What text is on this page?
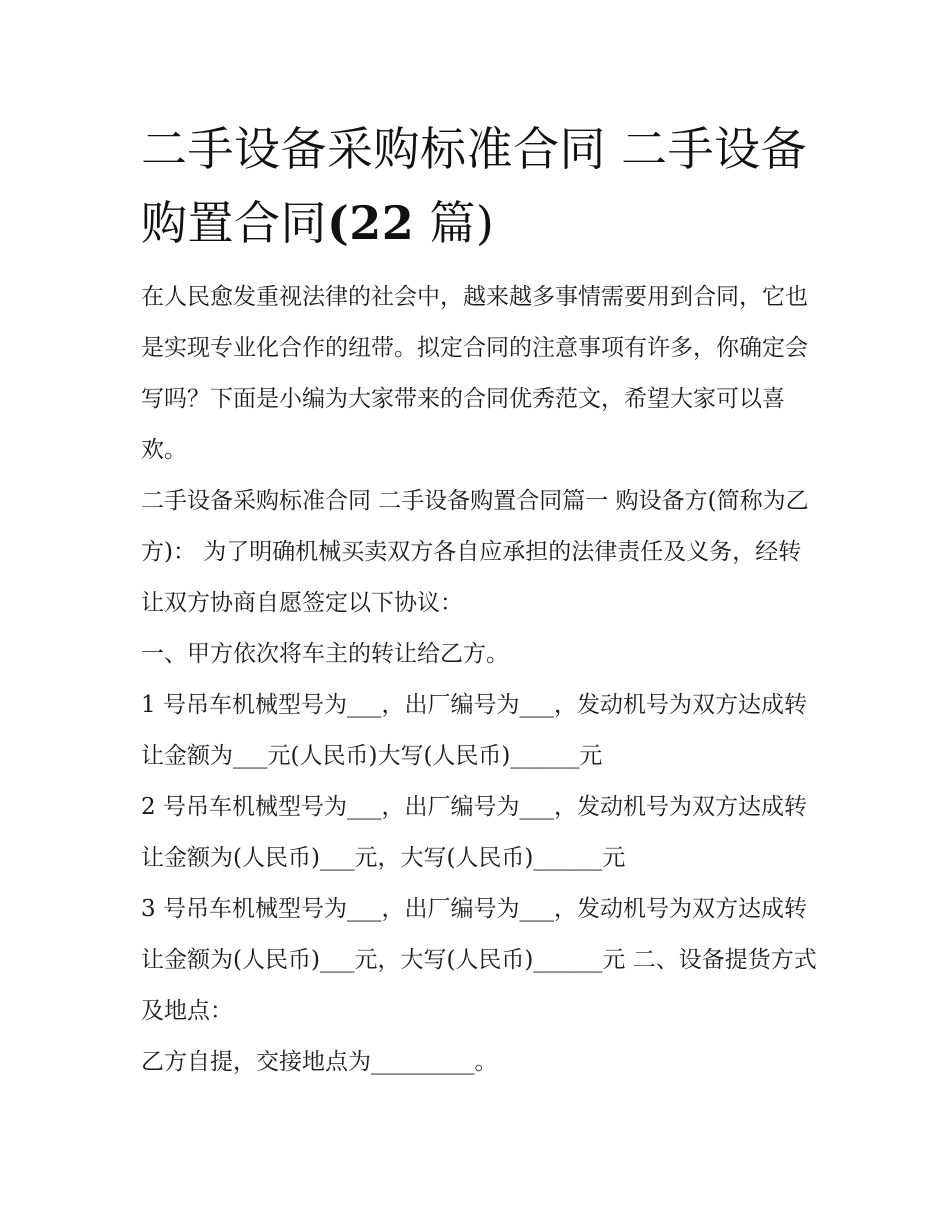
二手设备采购标准合同 二手设备购置合同(22 篇)

在人民愈发重视法律的社会中，越来越多事情需要用到合同，它也是实现专业化合作的纽带。拟定合同的注意事项有许多，你确定会写吗？下面是小编为大家带来的合同优秀范文，希望大家可以喜欢。

二手设备采购标准合同 二手设备购置合同篇一 购设备方(简称为乙方)： 为了明确机械买卖双方各自应承担的法律责任及义务，经转让双方协商自愿签定以下协议：

一、甲方依次将车主的转让给乙方。

1 号吊车机械型号为___，出厂编号为___，发动机号为双方达成转让金额为___元(人民币)大写(人民币)______元

2 号吊车机械型号为___，出厂编号为___，发动机号为双方达成转让金额为(人民币)___元，大写(人民币)______元

3 号吊车机械型号为___，出厂编号为___，发动机号为双方达成转让金额为(人民币)___元，大写(人民币)______元 二、设备提货方式及地点：

乙方自提，交接地点为_________。
